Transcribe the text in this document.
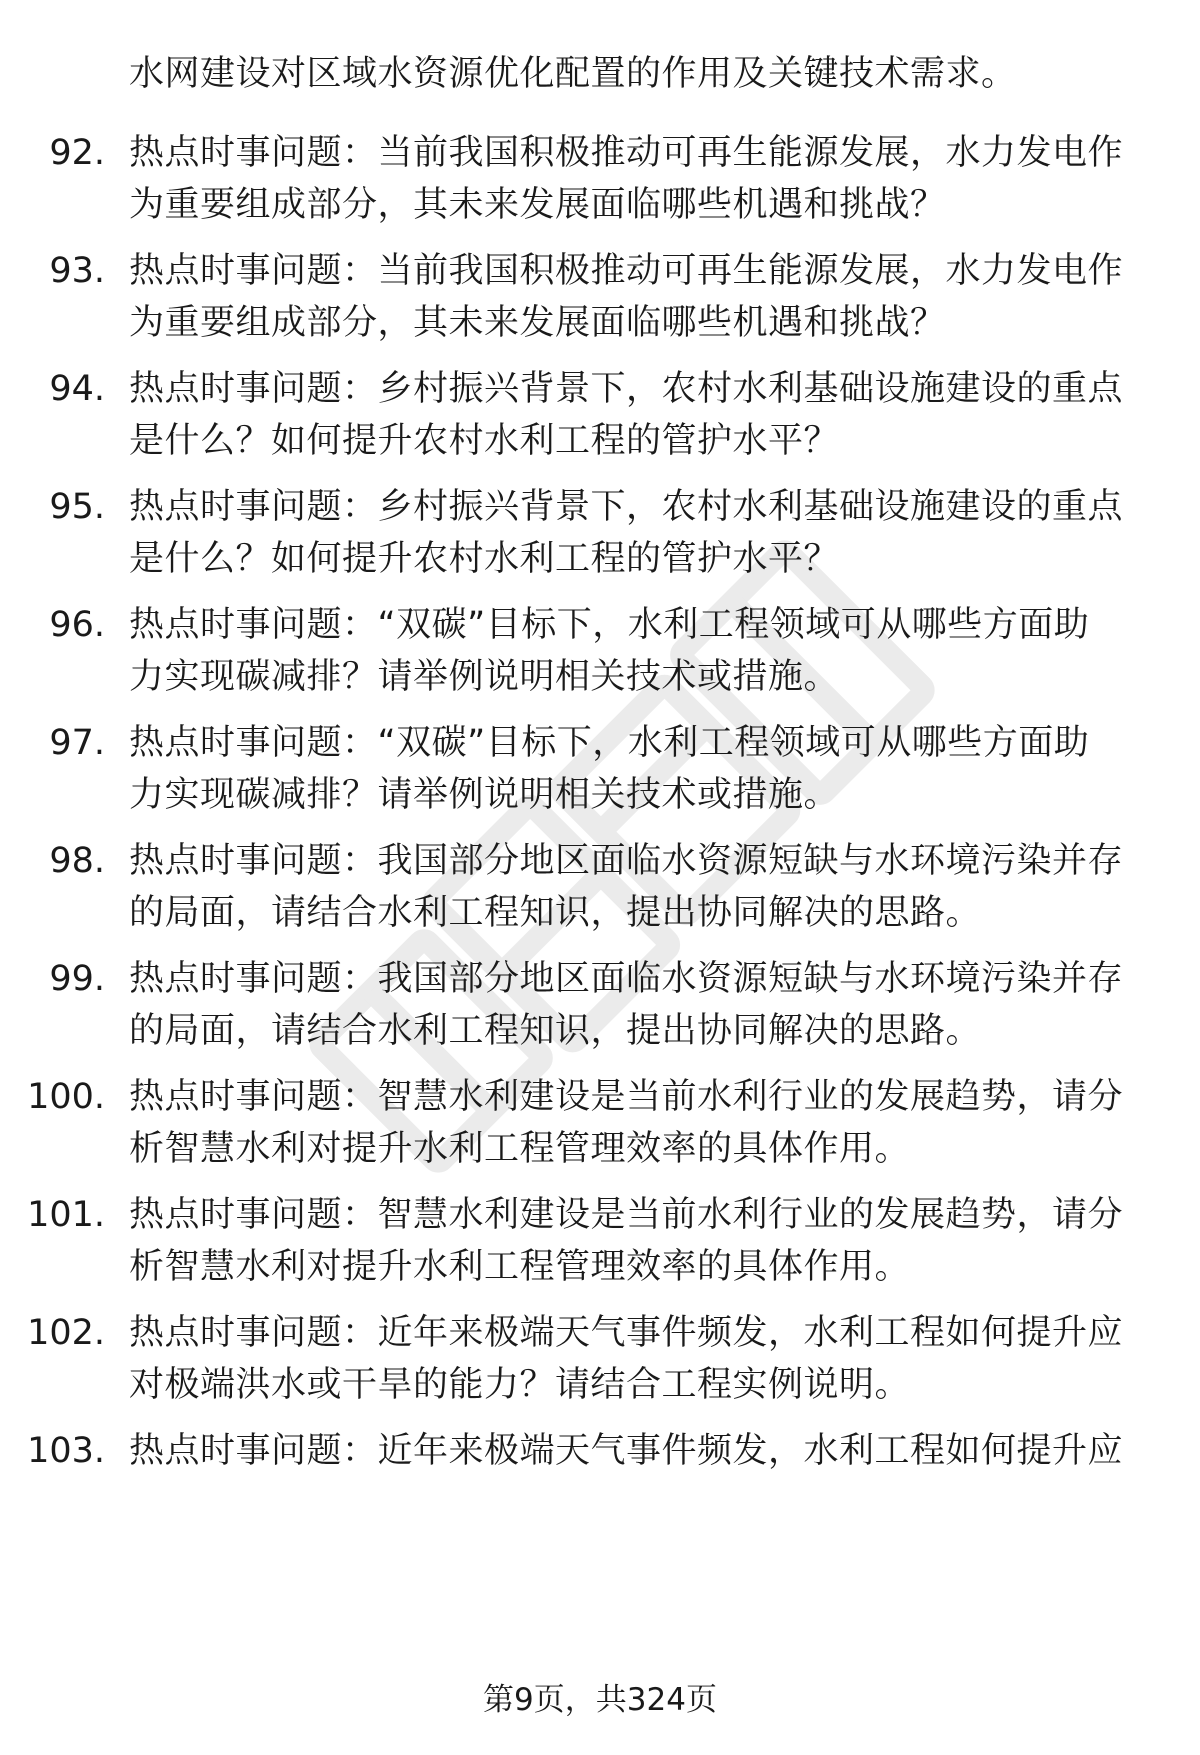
水网建设对区域水资源优化配置的作用及关键技术需求。
92. 热点时事问题：当前我国积极推动可再生能源发展，水力发电作
为重要组成部分，其未来发展面临哪些机遇和挑战？
93. 热点时事问题：当前我国积极推动可再生能源发展，水力发电作
为重要组成部分，其未来发展面临哪些机遇和挑战？
94. 热点时事问题：乡村振兴背景下，农村水利基础设施建设的重点
是什么？如何提升农村水利工程的管护水平？
95. 热点时事问题：乡村振兴背景下，农村水利基础设施建设的重点
是什么？如何提升农村水利工程的管护水平？
96. 热点时事问题：“双碳”目标下，水利工程领域可从哪些方面助
力实现碳减排？请举例说明相关技术或措施。
97. 热点时事问题：“双碳”目标下，水利工程领域可从哪些方面助
力实现碳减排？请举例说明相关技术或措施。
98. 热点时事问题：我国部分地区面临水资源短缺与水环境污染并存
的局面，请结合水利工程知识，提出协同解决的思路。
99. 热点时事问题：我国部分地区面临水资源短缺与水环境污染并存
的局面，请结合水利工程知识，提出协同解决的思路。
100. 热点时事问题：智慧水利建设是当前水利行业的发展趋势，请分
析智慧水利对提升水利工程管理效率的具体作用。
101. 热点时事问题：智慧水利建设是当前水利行业的发展趋势，请分
析智慧水利对提升水利工程管理效率的具体作用。
102. 热点时事问题：近年来极端天气事件频发，水利工程如何提升应
对极端洪水或干旱的能力？请结合工程实例说明。
103. 热点时事问题：近年来极端天气事件频发，水利工程如何提升应
第9页，共324页
